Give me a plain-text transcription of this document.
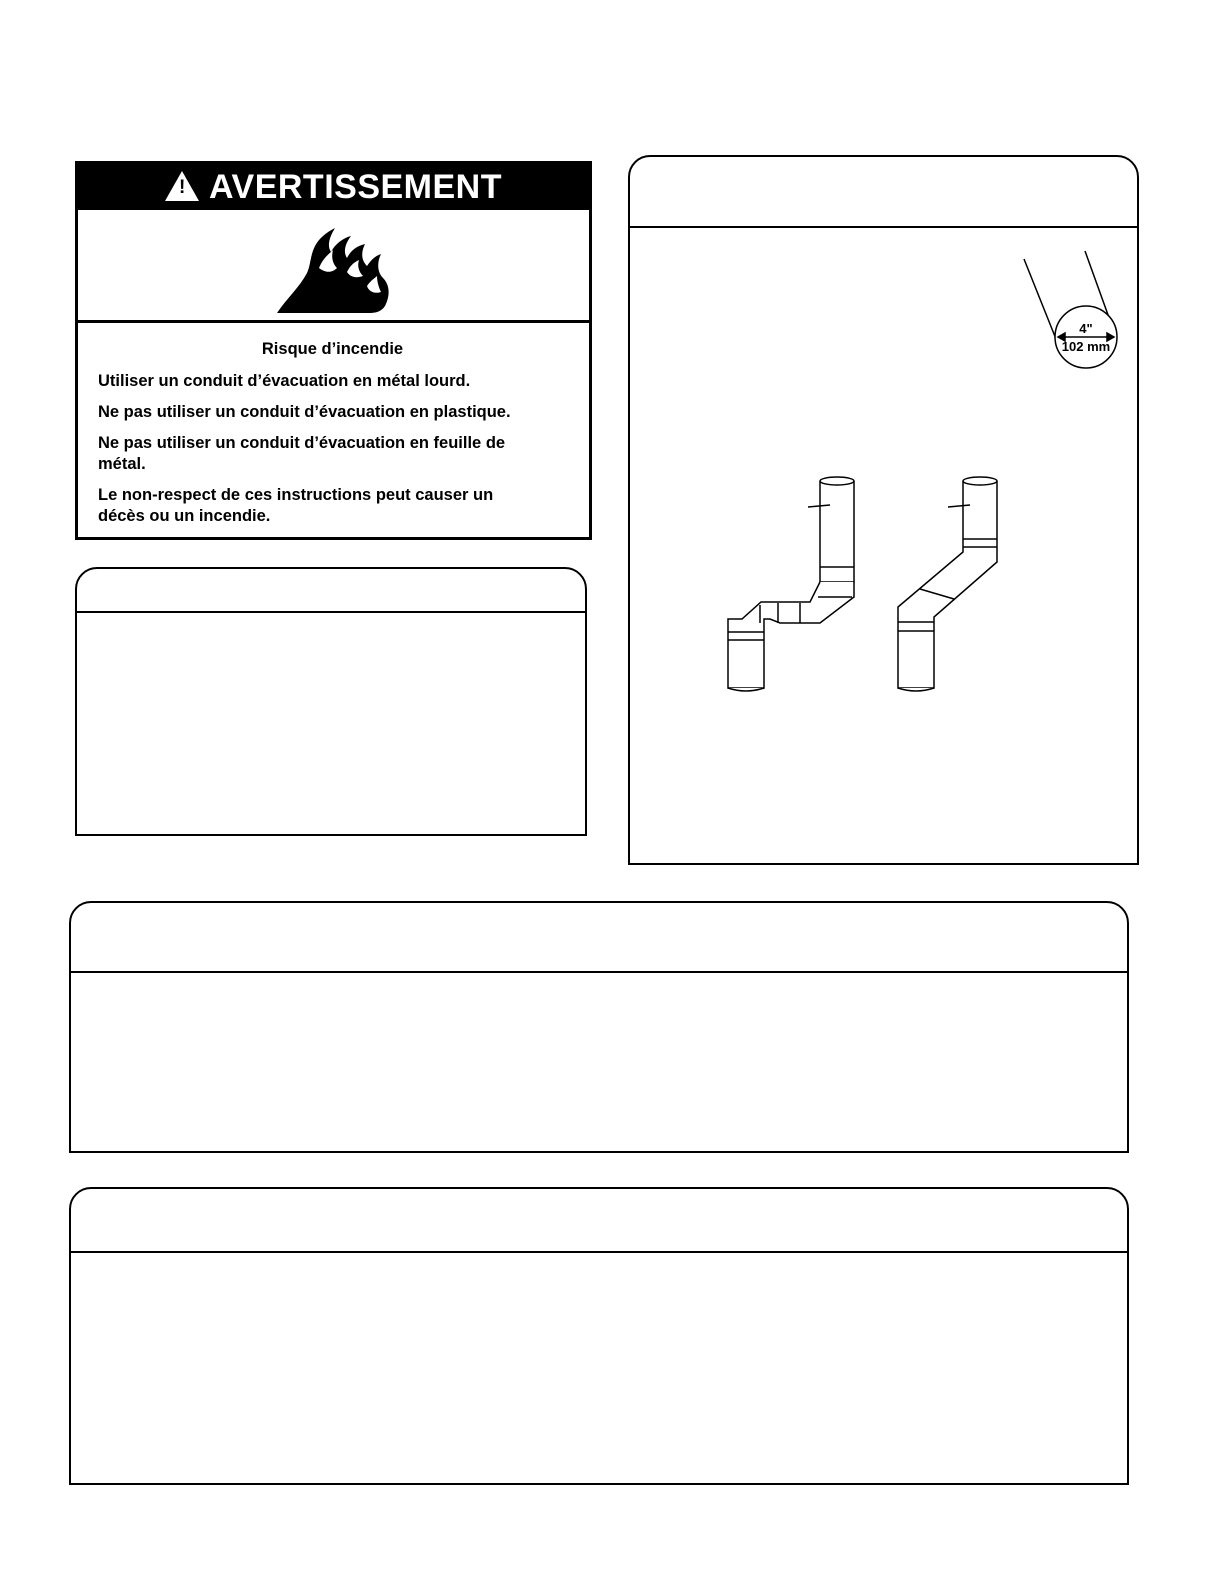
! AVERTISSEMENT

Risque d’incendie

Utiliser un conduit d’évacuation en métal lourd.

Ne pas utiliser un conduit d’évacuation en plastique.

Ne pas utiliser un conduit d’évacuation en feuille de métal.

Le non-respect de ces instructions peut causer un décès ou un incendie.

4"
102 mm
